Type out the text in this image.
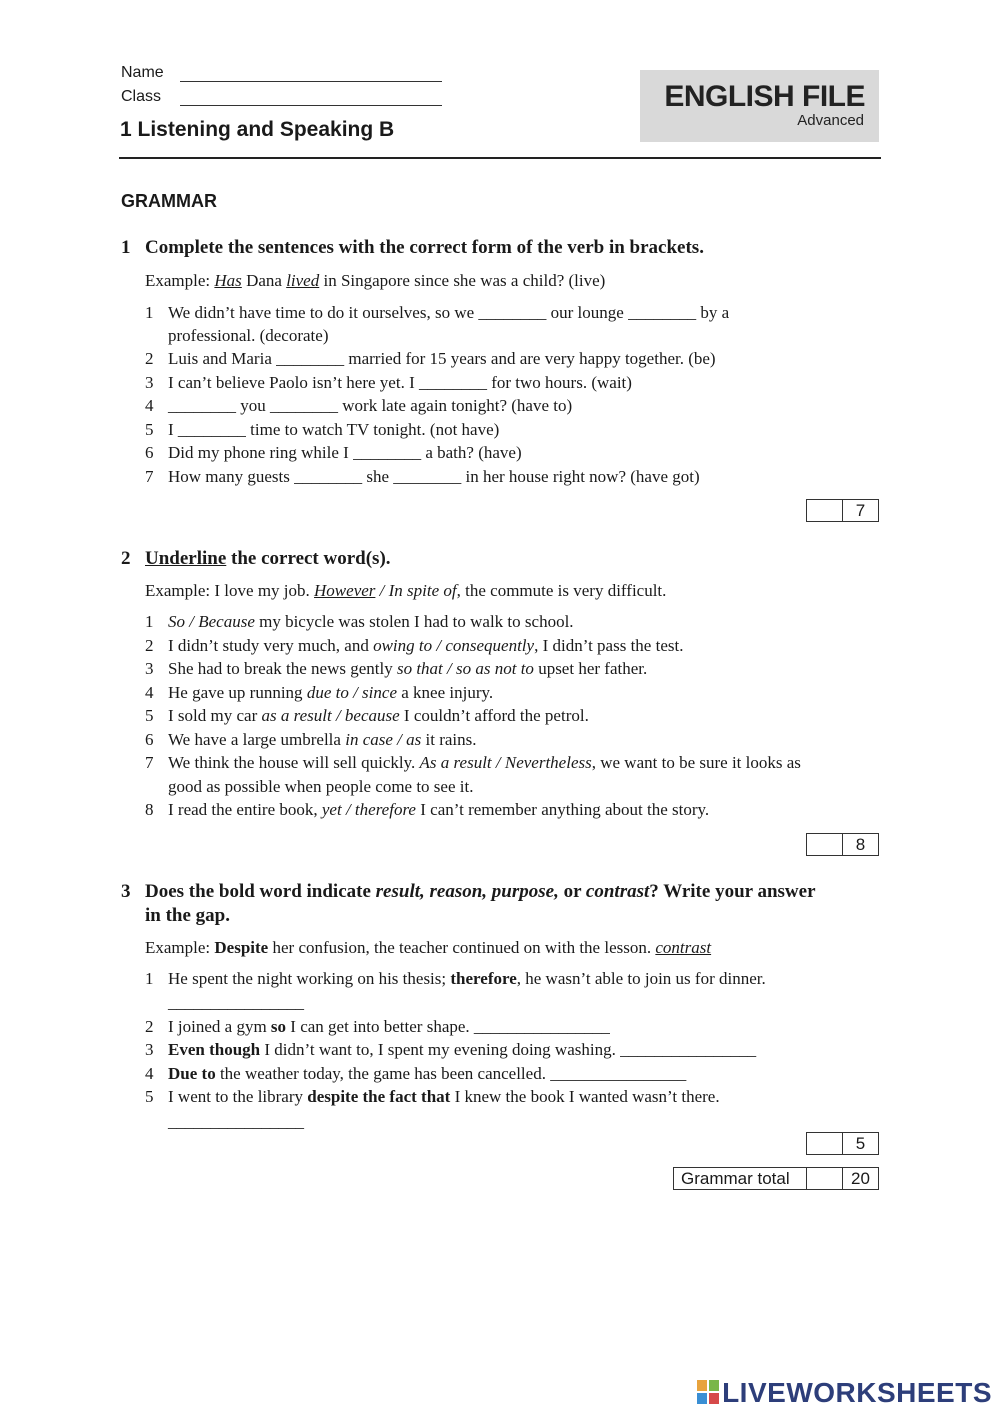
Name
Class
1 Listening and Speaking B
ENGLISH FILE
Advanced
GRAMMAR
1 Complete the sentences with the correct form of the verb in brackets.
Example: Has Dana lived in Singapore since she was a child? (live)
1 We didn’t have time to do it ourselves, so we ________ our lounge ________ by a
professional. (decorate)
2 Luis and Maria ________ married for 15 years and are very happy together. (be)
3 I can’t believe Paolo isn’t here yet. I ________ for two hours. (wait)
4 ________ you ________ work late again tonight? (have to)
5 I ________ time to watch TV tonight. (not have)
6 Did my phone ring while I ________ a bath? (have)
7 How many guests ________ she ________ in her house right now? (have got)
7
2 Underline the correct word(s).
Example: I love my job. However / In spite of, the commute is very difficult.
1 So / Because my bicycle was stolen I had to walk to school.
2 I didn’t study very much, and owing to / consequently, I didn’t pass the test.
3 She had to break the news gently so that / so as not to upset her father.
4 He gave up running due to / since a knee injury.
5 I sold my car as a result / because I couldn’t afford the petrol.
6 We have a large umbrella in case / as it rains.
7 We think the house will sell quickly. As a result / Nevertheless, we want to be sure it looks as
good as possible when people come to see it.
8 I read the entire book, yet / therefore I can’t remember anything about the story.
8
3 Does the bold word indicate result, reason, purpose, or contrast? Write your answer
in the gap.
Example: Despite her confusion, the teacher continued on with the lesson. contrast
1 He spent the night working on his thesis; therefore, he wasn’t able to join us for dinner.
________________
2 I joined a gym so I can get into better shape. ________________
3 Even though I didn’t want to, I spent my evening doing washing. ________________
4 Due to the weather today, the game has been cancelled. ________________
5 I went to the library despite the fact that I knew the book I wanted wasn’t there.
________________
5
Grammar total	20
LIVEWORKSHEETS
